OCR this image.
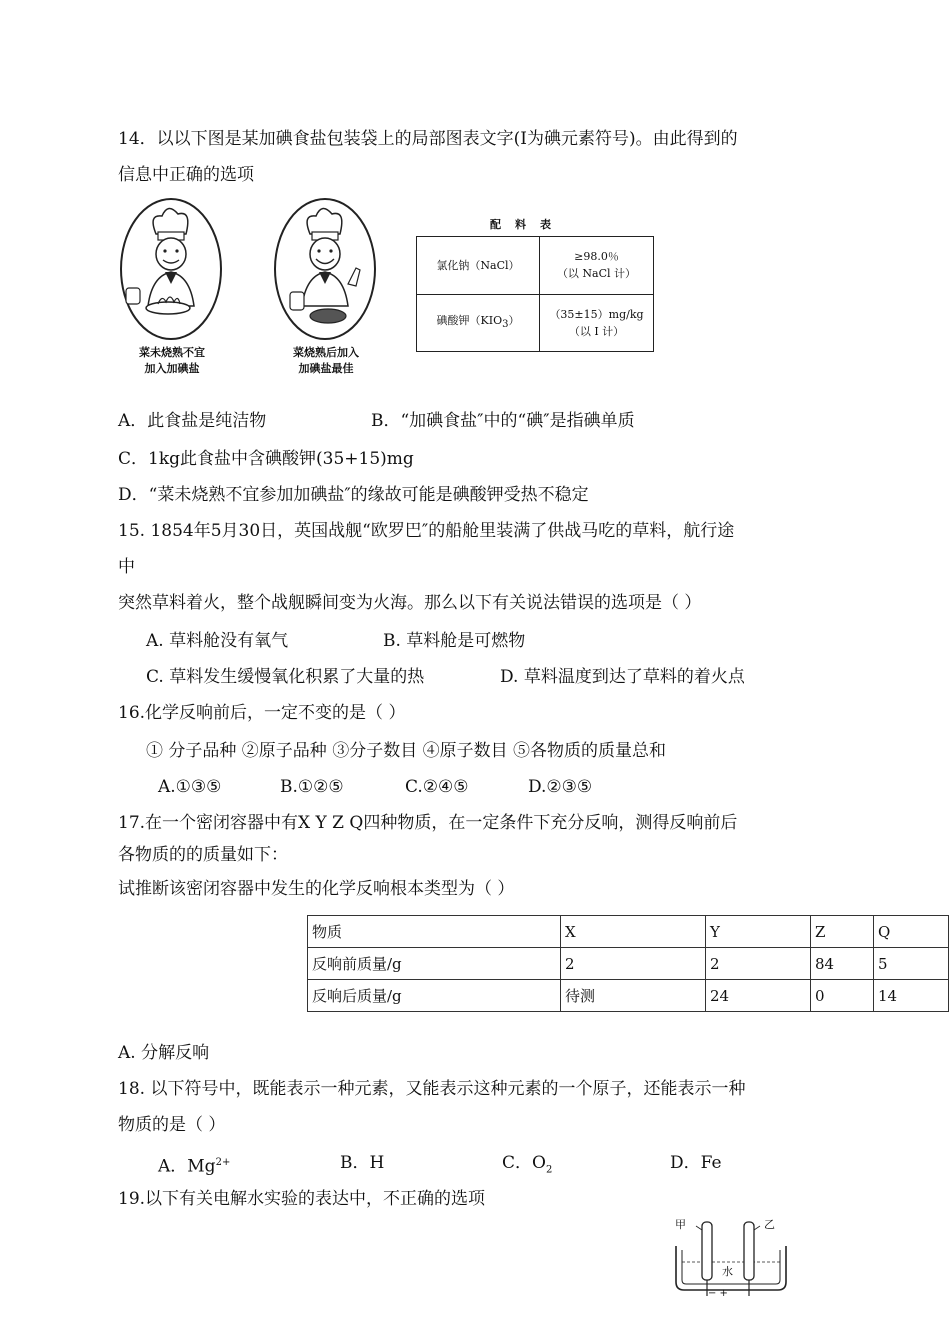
14．以以下图是某加碘食盐包装袋上的局部图表文字(I为碘元素符号)。由此得到的
信息中正确的选项
菜未烧熟不宜
加入加碘盐
菜烧熟后加入
加碘盐最佳
配料表
氯化钠（NaCl）	≥98.0％
（以 NaCl 计）

碘酸钾$(KIO_3)$	（35±15）mg/kg
（以 I 计）
A．此食盐是纯洁物	B．“加碘食盐″中的“碘″是指碘单质
C．1kg此食盐中含碘酸钾(35+15)mg
D．“菜未烧熟不宜参加加碘盐″的缘故可能是碘酸钾受热不稳定
15. 1854年5月30日，英国战舰“欧罗巴″的船舱里装满了供战马吃的草料，航行途
中
突然草料着火，整个战舰瞬间变为火海。那么以下有关说法错误的选项是（ ）
A. 草料舱没有氧气	B. 草料舱是可燃物
C. 草料发生缓慢氧化积累了大量的热	D. 草料温度到达了草料的着火点
16.化学反响前后，一定不变的是（ ）
① 分子品种 ②原子品种 ③分子数目 ④原子数目 ⑤各物质的质量总和
A.①③⑤	B.①②⑤	C.②④⑤	D.②③⑤
17.在一个密闭容器中有X Y Z Q四种物质，在一定条件下充分反响，测得反响前后
各物质的的质量如下：
试推断该密闭容器中发生的化学反响根本类型为（ ）
物质	X	Y	Z	Q
反响前质量/g	2	2	84	5
反响后质量/g	待测	24	0	14
A. 分解反响
18. 以下符号中，既能表示一种元素，又能表示这种元素的一个原子，还能表示一种
物质的是（ ）
A．$Mg^{2+}$	B．H	C．$O_2$	D．Fe
19.以下有关电解水实验的表达中，不正确的选项
甲	乙
水
− +
